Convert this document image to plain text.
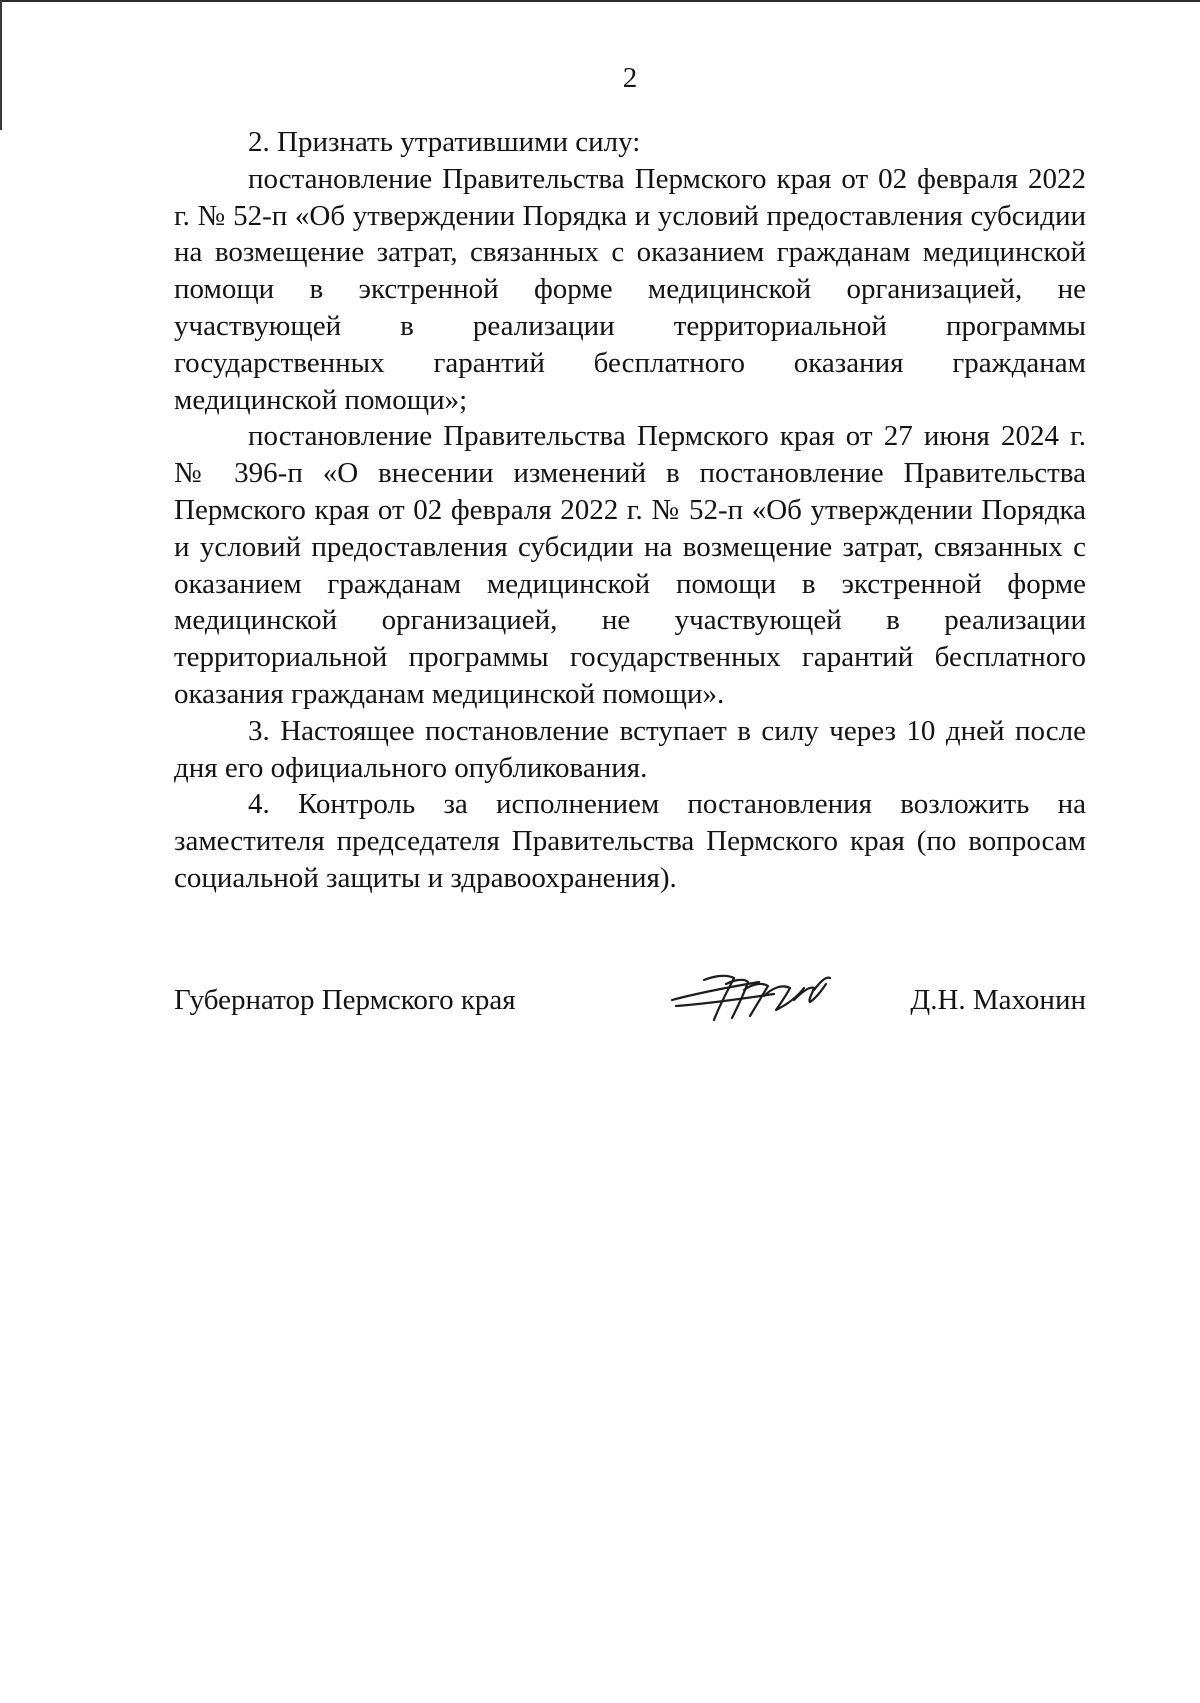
2

2. Признать утратившими силу:

постановление Правительства Пермского края от 02 февраля 2022 г. № 52-п «Об утверждении Порядка и условий предоставления субсидии на возмещение затрат, связанных с оказанием гражданам медицинской помощи в экстренной форме медицинской организацией, не участвующей в реализации территориальной программы государственных гарантий бесплатного оказания гражданам медицинской помощи»;

постановление Правительства Пермского края от 27 июня 2024 г. № 396-п «О внесении изменений в постановление Правительства Пермского края от 02 февраля 2022 г. № 52-п «Об утверждении Порядка и условий предоставления субсидии на возмещение затрат, связанных с оказанием гражданам медицинской помощи в экстренной форме медицинской организацией, не участвующей в реализации территориальной программы государственных гарантий бесплатного оказания гражданам медицинской помощи».

3. Настоящее постановление вступает в силу через 10 дней после дня его официального опубликования.

4. Контроль за исполнением постановления возложить на заместителя председателя Правительства Пермского края (по вопросам социальной защиты и здравоохранения).

Губернатор Пермского края	Д.Н. Махонин
